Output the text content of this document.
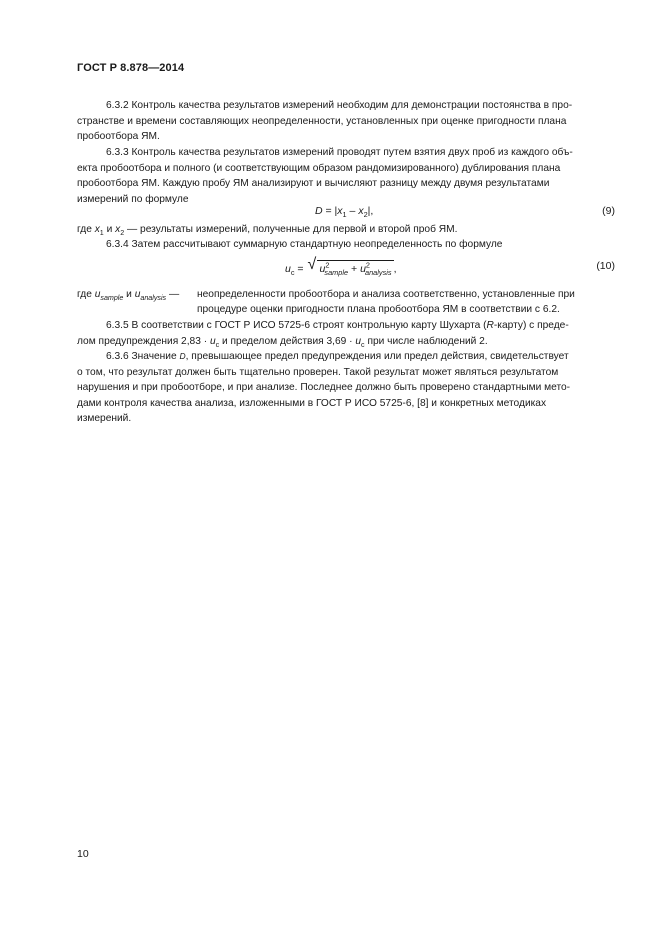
ГОСТ Р 8.878—2014

6.3.2 Контроль качества результатов измерений необходим для демонстрации постоянства в про-
странстве и времени составляющих неопределенности, установленных при оценке пригодности плана
пробоотбора ЯМ.

6.3.3 Контроль качества результатов измерений проводят путем взятия двух проб из каждого объ-
екта пробоотбора и полного (и соответствующим образом рандомизированного) дублирования плана
пробоотбора ЯМ. Каждую пробу ЯМ анализируют и вычисляют разницу между двумя результатами
измерений по формуле

$D = |x_1 - x_2|$,	(9)
где $x_1$ и $x_2$ — результаты измерений, полученные для первой и второй проб ЯМ.

6.3.4 Затем рассчитывают суммарную стандартную неопределенность по формуле

$u_c$ = √ $u^2_{sample} + u^2_{analysis}$ ,	(10)
где $u_{sample}$ и $u_{analysis}$ — неопределенности пробоотбора и анализа соответственно, установленные при
процедуре оценки пригодности плана пробоотбора ЯМ в соответствии с 6.2.

6.3.5 В соответствии с ГОСТ Р ИСО 5725-6 строят контрольную карту Шухарта (R-карту) с преде-
лом предупреждения $2,83 \cdot u_c$ и пределом действия $3,69 \cdot u_c$ при числе наблюдений 2.

6.3.6 Значение D, превышающее предел предупреждения или предел действия, свидетельствует
о том, что результат должен быть тщательно проверен. Такой результат может являться результатом
нарушения и при пробоотборе, и при анализе. Последнее должно быть проверено стандартными мето-
дами контроля качества анализа, изложенными в ГОСТ Р ИСО 5725-6, [8] и конкретных методиках
измерений.

10
